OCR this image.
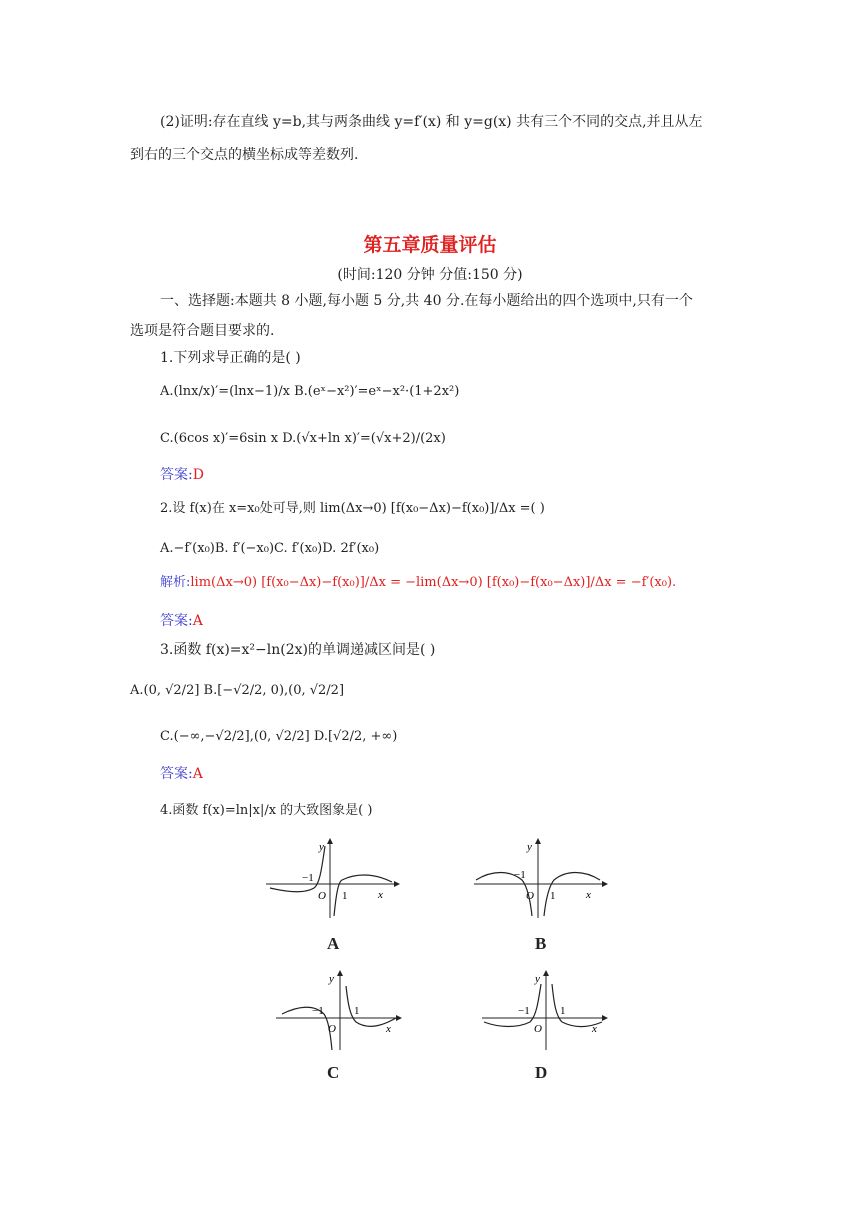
(2)证明:存在直线 y=b,其与两条曲线 y=f′(x) 和 y=g(x) 共有三个不同的交点,并且从左
到右的三个交点的横坐标成等差数列.
第五章质量评估
(时间:120 分钟 分值:150 分)
一、选择题:本题共 8 小题,每小题 5 分,共 40 分.在每小题给出的四个选项中,只有一个
选项是符合题目要求的.
1.下列求导正确的是( )
A.(lnx/x)′=(lnx−1)/x B.(eˣ−x²)′=eˣ−x²·(1+2x²)
C.(6cos x)′=6sin x D.(√x+ln x)′=(√x+2)/(2x)
答案:D
2.设 f(x)在 x=x₀处可导,则 lim(Δx→0) [f(x₀−Δx)−f(x₀)]/Δx =( )
A.−f′(x₀)B. f′(−x₀)C. f′(x₀)D. 2f′(x₀)
解析:lim(Δx→0) [f(x₀−Δx)−f(x₀)]/Δx = −lim(Δx→0) [f(x₀)−f(x₀−Δx)]/Δx = −f′(x₀).
答案:A
3.函数 f(x)=x²−ln(2x)的单调递减区间是( )
A.(0, √2/2] B.[−√2/2, 0),(0, √2/2]
C.(−∞,−√2/2],(0, √2/2] D.[√2/2, +∞)
答案:A
4.函数 f(x)=ln|x|/x 的大致图象是( )
−1
O 1	x
y
A
−1
O 1	x
y
B
−1
O
1
x
y
C
−1
O
1
x
y
D
